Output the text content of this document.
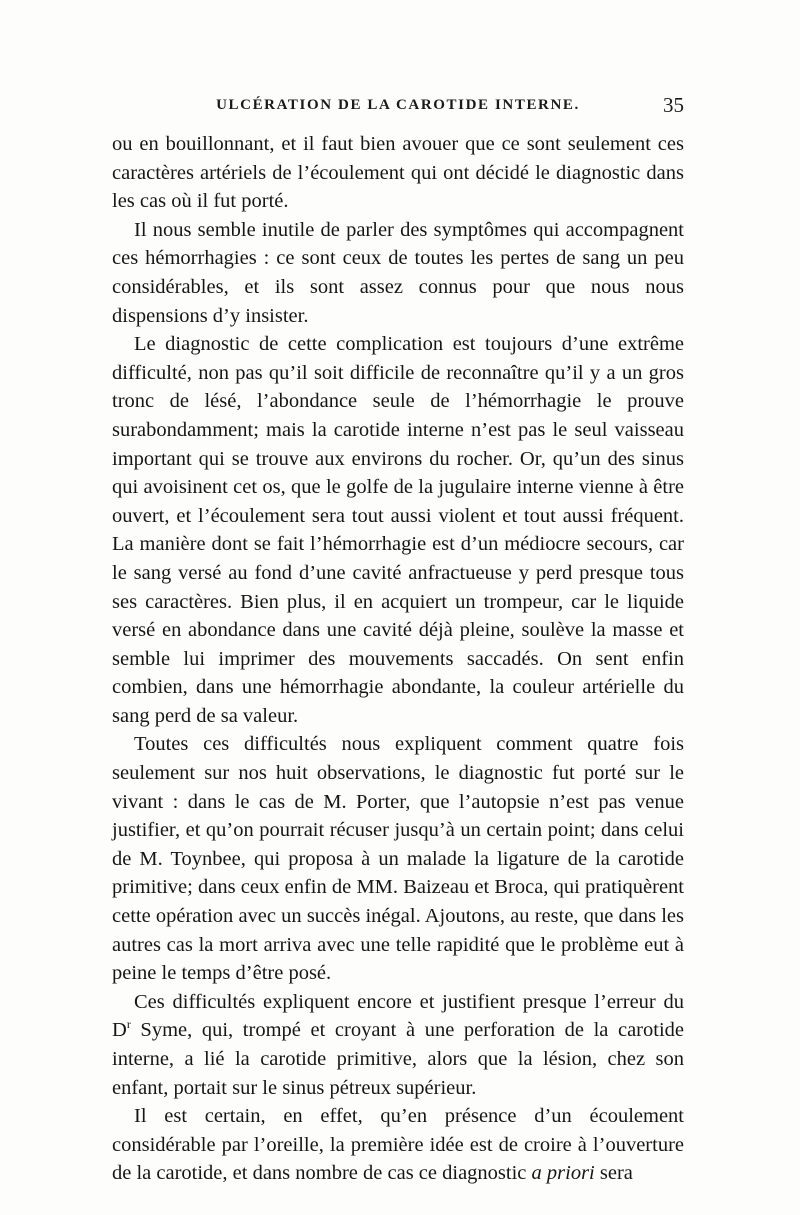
ULCÉRATION DE LA CAROTIDE INTERNE.	35

ou en bouillonnant, et il faut bien avouer que ce sont seulement ces caractères artériels de l’écoulement qui ont décidé le diagnostic dans les cas où il fut porté.

Il nous semble inutile de parler des symptômes qui accompagnent ces hémorrhagies : ce sont ceux de toutes les pertes de sang un peu considérables, et ils sont assez connus pour que nous nous dispensions d’y insister.

Le diagnostic de cette complication est toujours d’une extrême difficulté, non pas qu’il soit difficile de reconnaître qu’il y a un gros tronc de lésé, l’abondance seule de l’hémorrhagie le prouve surabondamment; mais la carotide interne n’est pas le seul vaisseau important qui se trouve aux environs du rocher. Or, qu’un des sinus qui avoisinent cet os, que le golfe de la jugulaire interne vienne à être ouvert, et l’écoulement sera tout aussi violent et tout aussi fréquent. La manière dont se fait l’hémorrhagie est d’un médiocre secours, car le sang versé au fond d’une cavité anfractueuse y perd presque tous ses caractères. Bien plus, il en acquiert un trompeur, car le liquide versé en abondance dans une cavité déjà pleine, soulève la masse et semble lui imprimer des mouvements saccadés. On sent enfin combien, dans une hémorrhagie abondante, la couleur artérielle du sang perd de sa valeur.

Toutes ces difficultés nous expliquent comment quatre fois seulement sur nos huit observations, le diagnostic fut porté sur le vivant : dans le cas de M. Porter, que l’autopsie n’est pas venue justifier, et qu’on pourrait récuser jusqu’à un certain point; dans celui de M. Toynbee, qui proposa à un malade la ligature de la carotide primitive; dans ceux enfin de MM. Baizeau et Broca, qui pratiquèrent cette opération avec un succès inégal. Ajoutons, au reste, que dans les autres cas la mort arriva avec une telle rapidité que le problème eut à peine le temps d’être posé.

Ces difficultés expliquent encore et justifient presque l’erreur du $D^r$ Syme, qui, trompé et croyant à une perforation de la carotide interne, a lié la carotide primitive, alors que la lésion, chez son enfant, portait sur le sinus pétreux supérieur.

Il est certain, en effet, qu’en présence d’un écoulement considérable par l’oreille, la première idée est de croire à l’ouverture de la carotide, et dans nombre de cas ce diagnostic a priori sera
